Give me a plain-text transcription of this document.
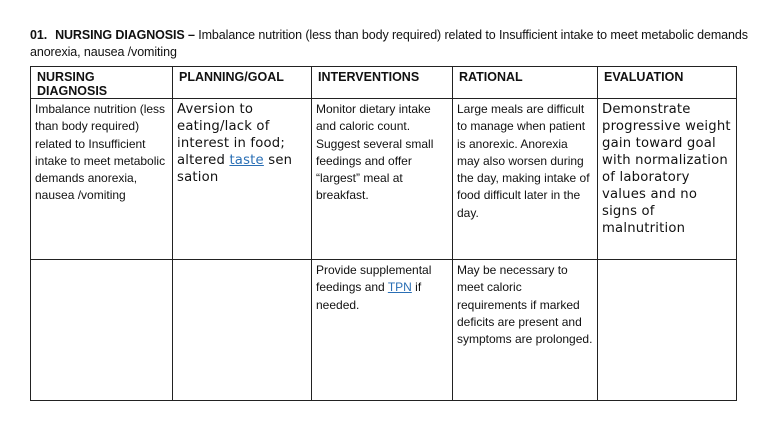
01. NURSING DIAGNOSIS – Imbalance nutrition (less than body required) related to Insufficient intake to meet metabolic demands anorexia, nausea /vomiting
NURSING DIAGNOSIS	PLANNING/GOAL	INTERVENTIONS	RATIONAL	EVALUATION
Imbalance nutrition (less than body required) related to Insufficient intake to meet metabolic demands anorexia, nausea /vomiting	Aversion to eating/lack of interest in food; altered taste sen sation	Monitor dietary intake and caloric count. Suggest several small feedings and offer “largest” meal at breakfast.	Large meals are difficult to manage when patient is anorexic. Anorexia may also worsen during the day, making intake of food difficult later in the day.	Demonstrate progressive weight gain toward goal with normalization of laboratory values and no signs of malnutrition
		Provide supplemental feedings and TPN if needed.	May be necessary to meet caloric requirements if marked deficits are present and symptoms are prolonged.	
